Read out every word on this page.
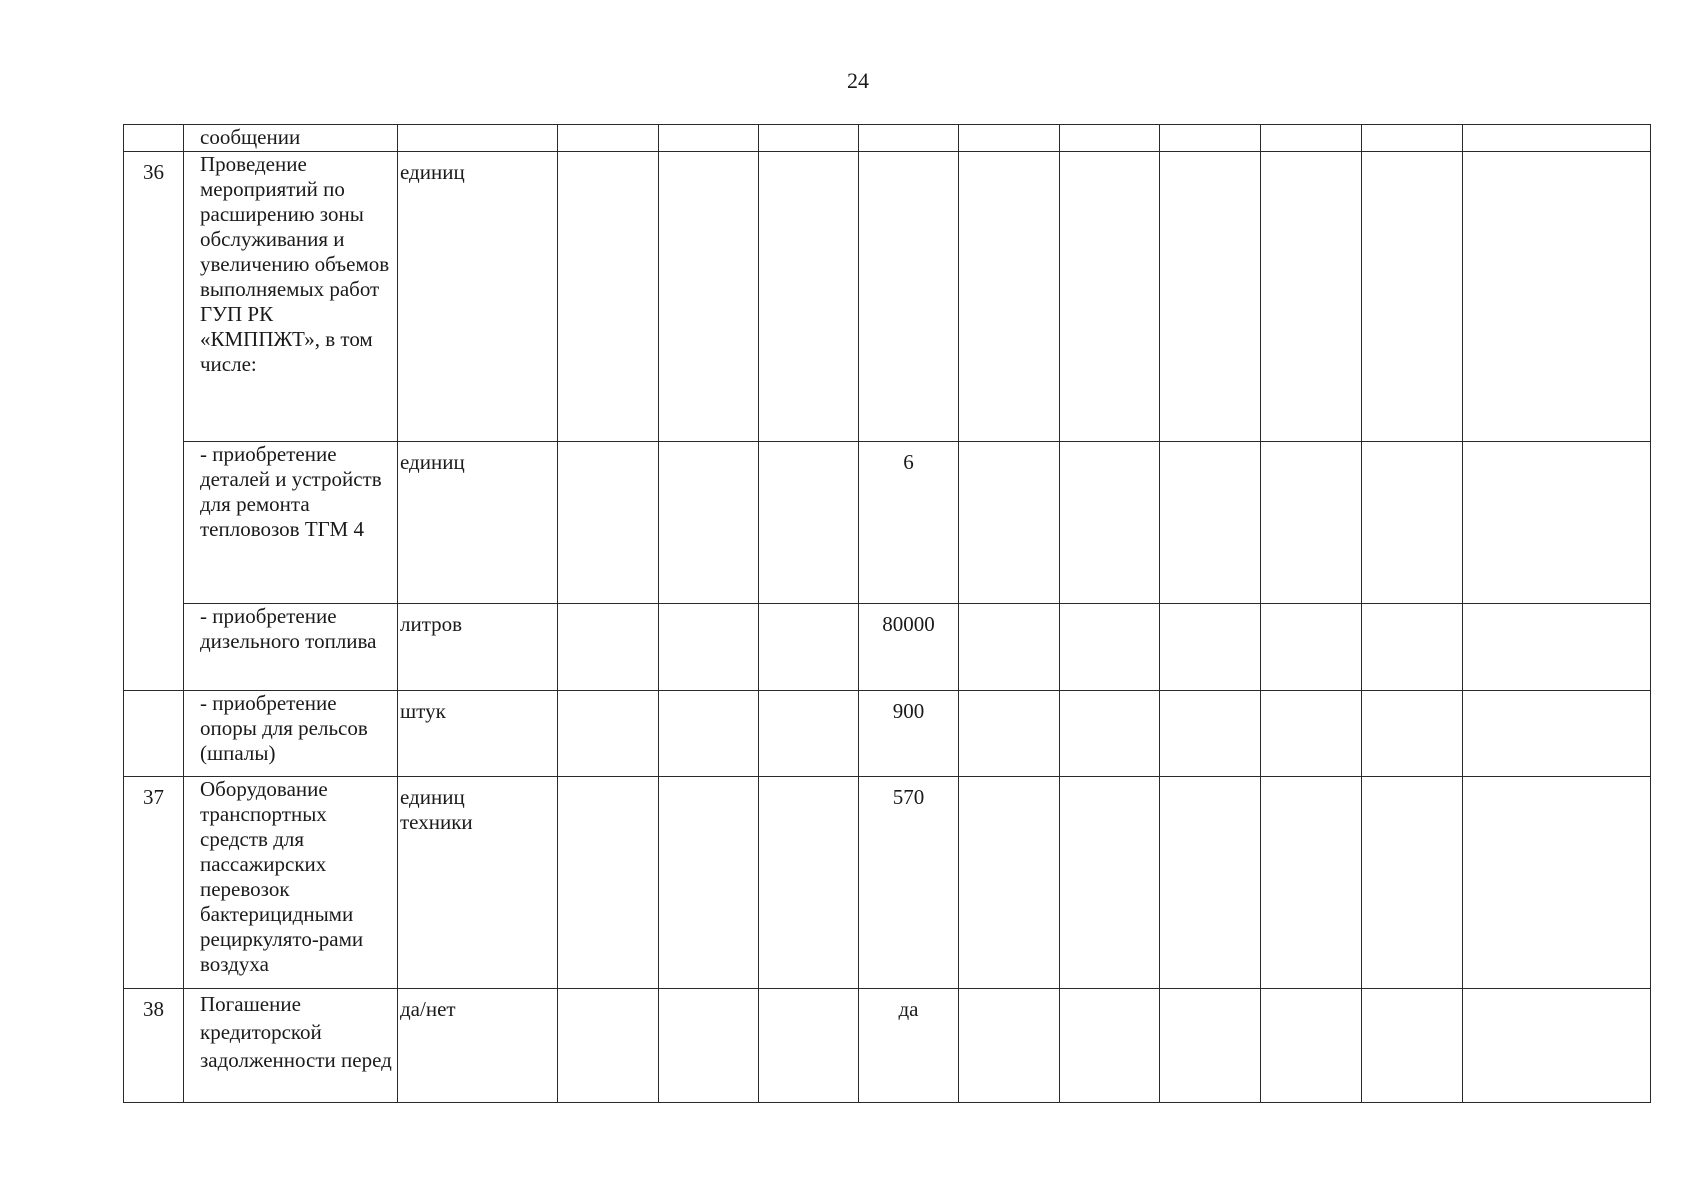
24
	сообщении											
36	Проведение мероприятий по расширению зоны обслуживания и увеличению объемов выполняемых работ ГУП РК «КМППЖТ», в том числе:	единиц										
	- приобретение деталей и устройств для ремонта тепловозов ТГМ 4	единиц				6						
	- приобретение дизельного топлива	литров				80000						
	- приобретение опоры для рельсов (шпалы)	штук				900						
37	Оборудование транспортных средств для пассажирских перевозок бактерицидными рециркулято-рами воздуха	единиц техники				570						
38	Погашение кредиторской задолженности перед	да/нет				да						
